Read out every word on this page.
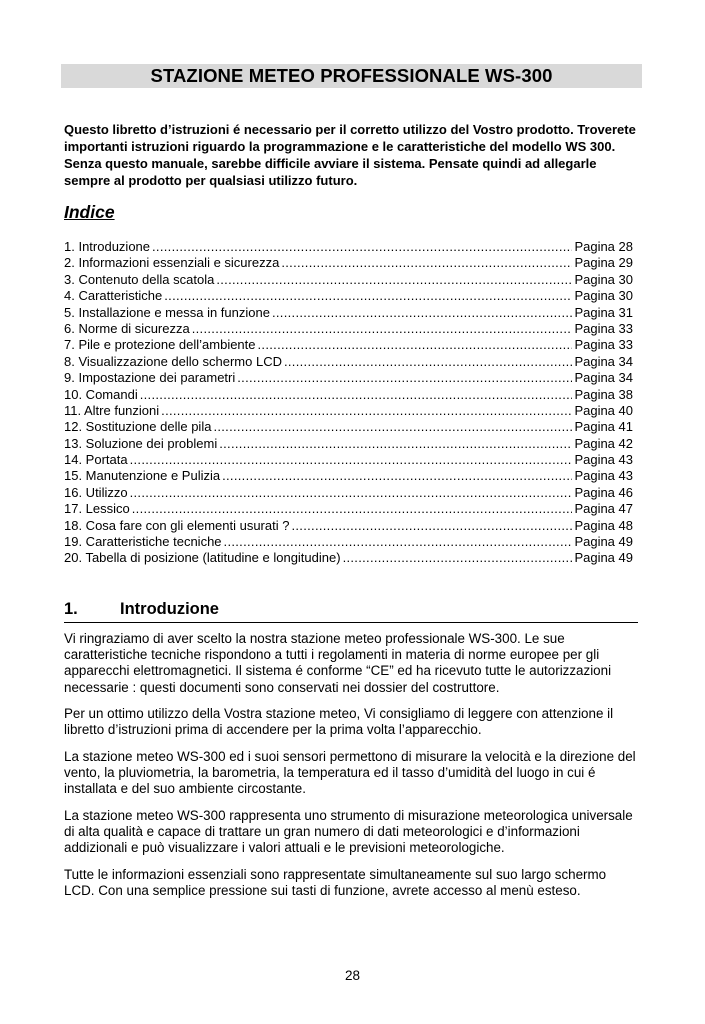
STAZIONE METEO PROFESSIONALE WS-300

Questo libretto d’istruzioni é necessario per il corretto utilizzo del Vostro prodotto. Troverete importanti istruzioni riguardo la programmazione e le caratteristiche del modello WS 300. Senza questo manuale, sarebbe difficile avviare il sistema. Pensate quindi ad allegarle sempre al prodotto per qualsiasi utilizzo futuro.

Indice
1. Introduzione .....	Pagina 28
2. Informazioni essenziali e sicurezza .....	Pagina 29
3. Contenuto della scatola .....	Pagina 30
4. Caratteristiche .....	Pagina 30
5. Installazione e messa in funzione .....	Pagina 31
6. Norme di sicurezza .....	Pagina 33
7. Pile e protezione dell’ambiente .....	Pagina 33
8. Visualizzazione dello schermo LCD .....	Pagina 34
9. Impostazione dei parametri .....	Pagina 34
10. Comandi .....	Pagina 38
11. Altre funzioni .....	Pagina 40
12. Sostituzione delle pila .....	Pagina 41
13. Soluzione dei problemi .....	Pagina 42
14. Portata .....	Pagina 43
15. Manutenzione e Pulizia .....	Pagina 43
16. Utilizzo .....	Pagina 46
17. Lessico .....	Pagina 47
18. Cosa fare con gli elementi usurati ? .....	Pagina 48
19. Caratteristiche tecniche .....	Pagina 49
20. Tabella di posizione (latitudine e longitudine) .....	Pagina 49
1.	Introduzione

Vi ringraziamo di aver scelto la nostra stazione meteo professionale WS-300. Le sue caratteristiche tecniche rispondono a tutti i regolamenti in materia di norme europee per gli apparecchi elettromagnetici. Il sistema é conforme “CE” ed ha ricevuto tutte le autorizzazioni necessarie : questi documenti sono conservati nei dossier del costruttore.

Per un ottimo utilizzo della Vostra stazione meteo, Vi consigliamo di leggere con attenzione il libretto d’istruzioni prima di accendere per la prima volta l’apparecchio.

La stazione meteo WS-300 ed i suoi sensori permettono di misurare la velocità e la direzione del vento, la pluviometria, la barometria, la temperatura ed il tasso d’umidità del luogo in cui é installata e del suo ambiente circostante.

La stazione meteo WS-300 rappresenta uno strumento di misurazione meteorologica universale di alta qualità e capace di trattare un gran numero di dati meteorologici e d’informazioni addizionali e può visualizzare i valori attuali e le previsioni meteorologiche.

Tutte le informazioni essenziali sono rappresentate simultaneamente sul suo largo schermo LCD. Con una semplice pressione sui tasti di funzione, avrete accesso al menù esteso.

28
